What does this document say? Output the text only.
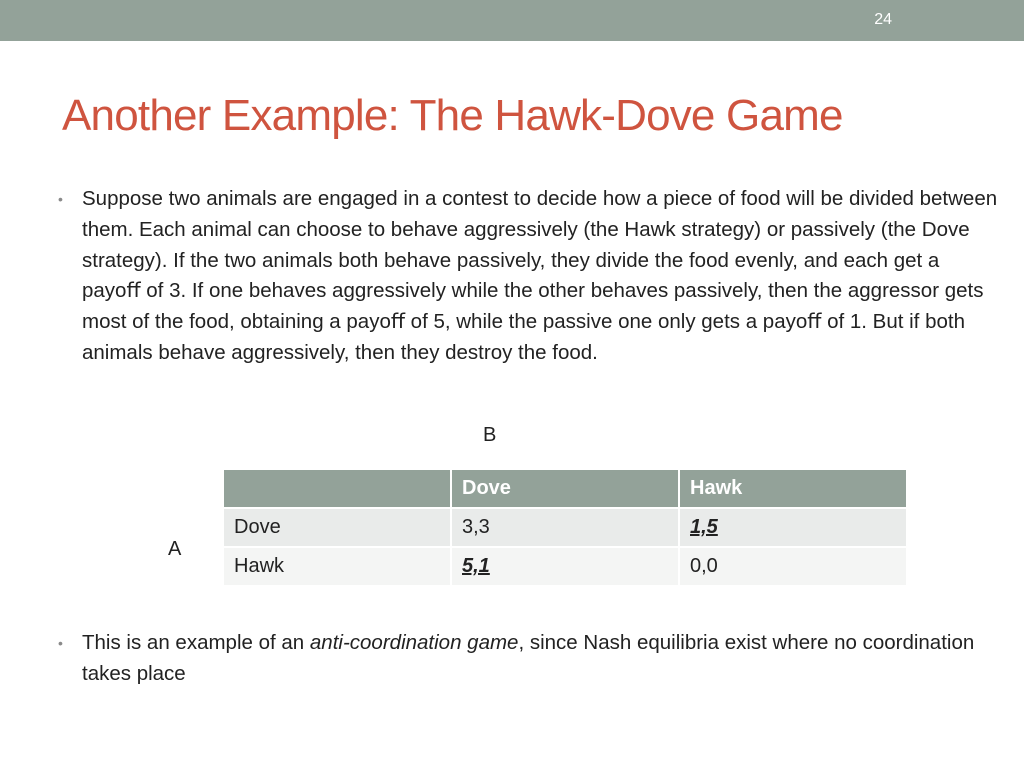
24
Another Example: The Hawk-Dove Game
• Suppose two animals are engaged in a contest to decide how a piece of food will be divided between them. Each animal can choose to behave aggressively (the Hawk strategy) or passively (the Dove strategy). If the two animals both behave passively, they divide the food evenly, and each get a payoﬀ of 3. If one behaves aggressively while the other behaves passively, then the aggressor gets most of the food, obtaining a payoﬀ of 5, while the passive one only gets a payoﬀ of 1. But if both animals behave aggressively, then they destroy the food.
B
A
	Dove	Hawk
Dove	3,3	1,5
Hawk	5,1	0,0
• This is an example of an anti-coordination game, since Nash equilibria exist where no coordination takes place
